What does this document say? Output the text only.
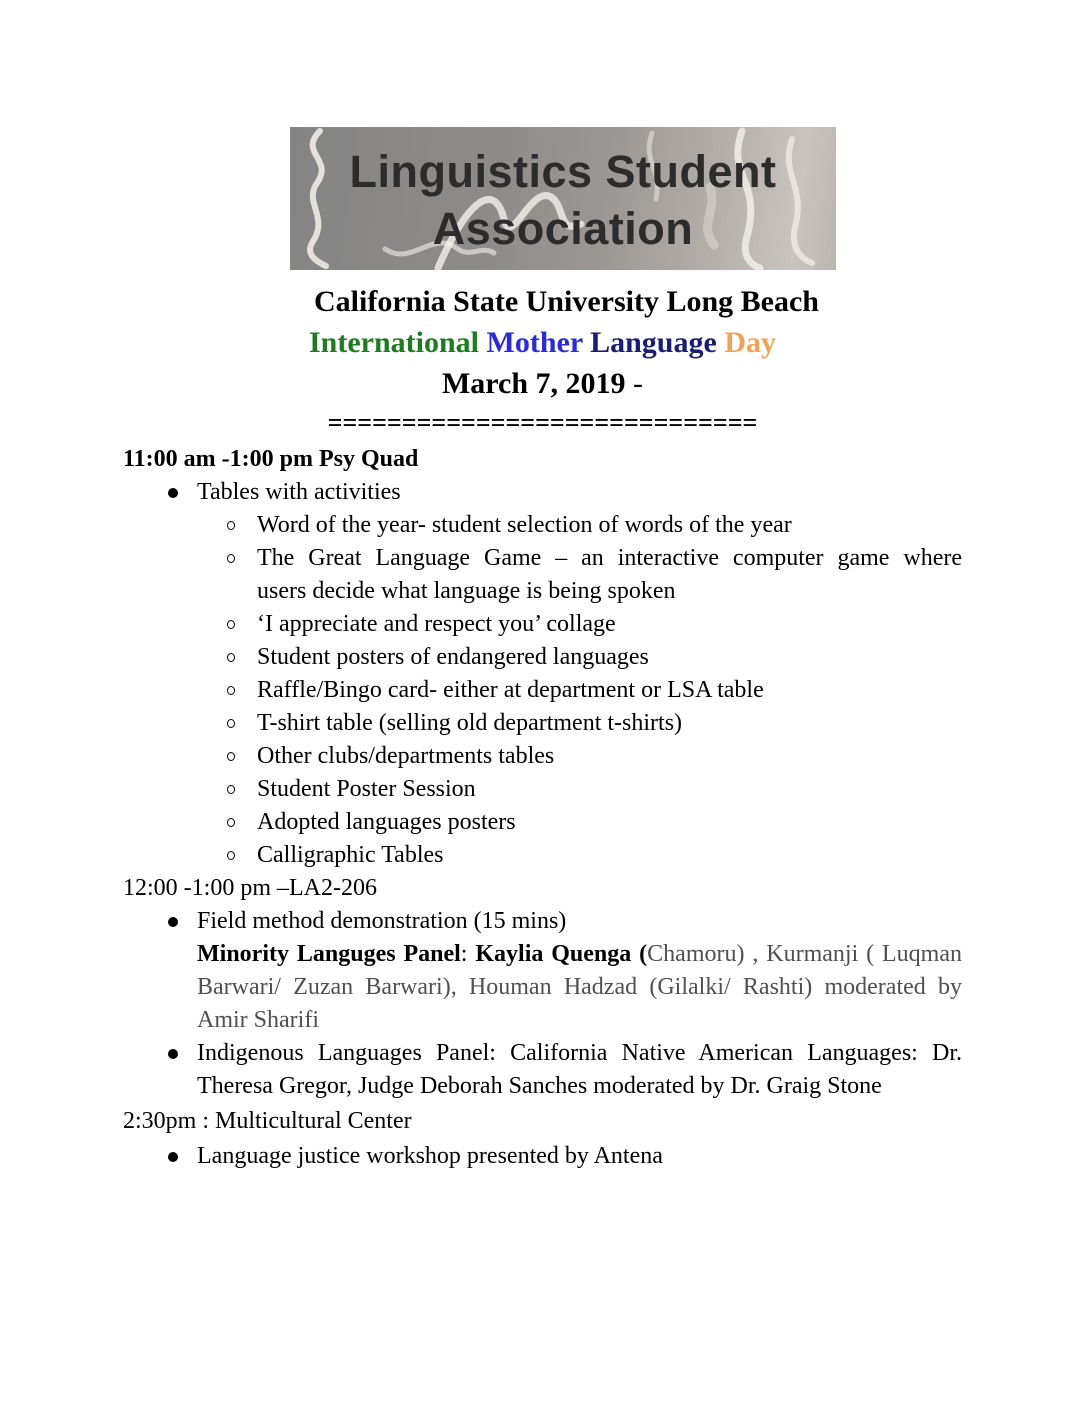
Linguistics Student
Association
California State University Long Beach
International Mother Language Day
March 7, 2019 -
=============================
11:00 am -1:00 pm Psy Quad
Tables with activities
Word of the year- student selection of words of the year
The Great Language Game – an interactive computer game where
users decide what language is being spoken
‘I appreciate and respect you’ collage
Student posters of endangered languages
Raffle/Bingo card- either at department or LSA table
T-shirt table (selling old department t-shirts)
Other clubs/departments tables
Student Poster Session
Adopted languages posters
Calligraphic Tables
12:00 -1:00 pm –LA2-206
Field method demonstration (15 mins)
Minority Languges Panel: Kaylia Quenga (Chamoru) , Kurmanji ( Luqman
Barwari/ Zuzan Barwari), Houman Hadzad (Gilalki/ Rashti) moderated by
Amir Sharifi
Indigenous Languages Panel: California Native American Languages: Dr.
Theresa Gregor, Judge Deborah Sanches moderated by Dr. Graig Stone
2:30pm : Multicultural Center
Language justice workshop presented by Antena
